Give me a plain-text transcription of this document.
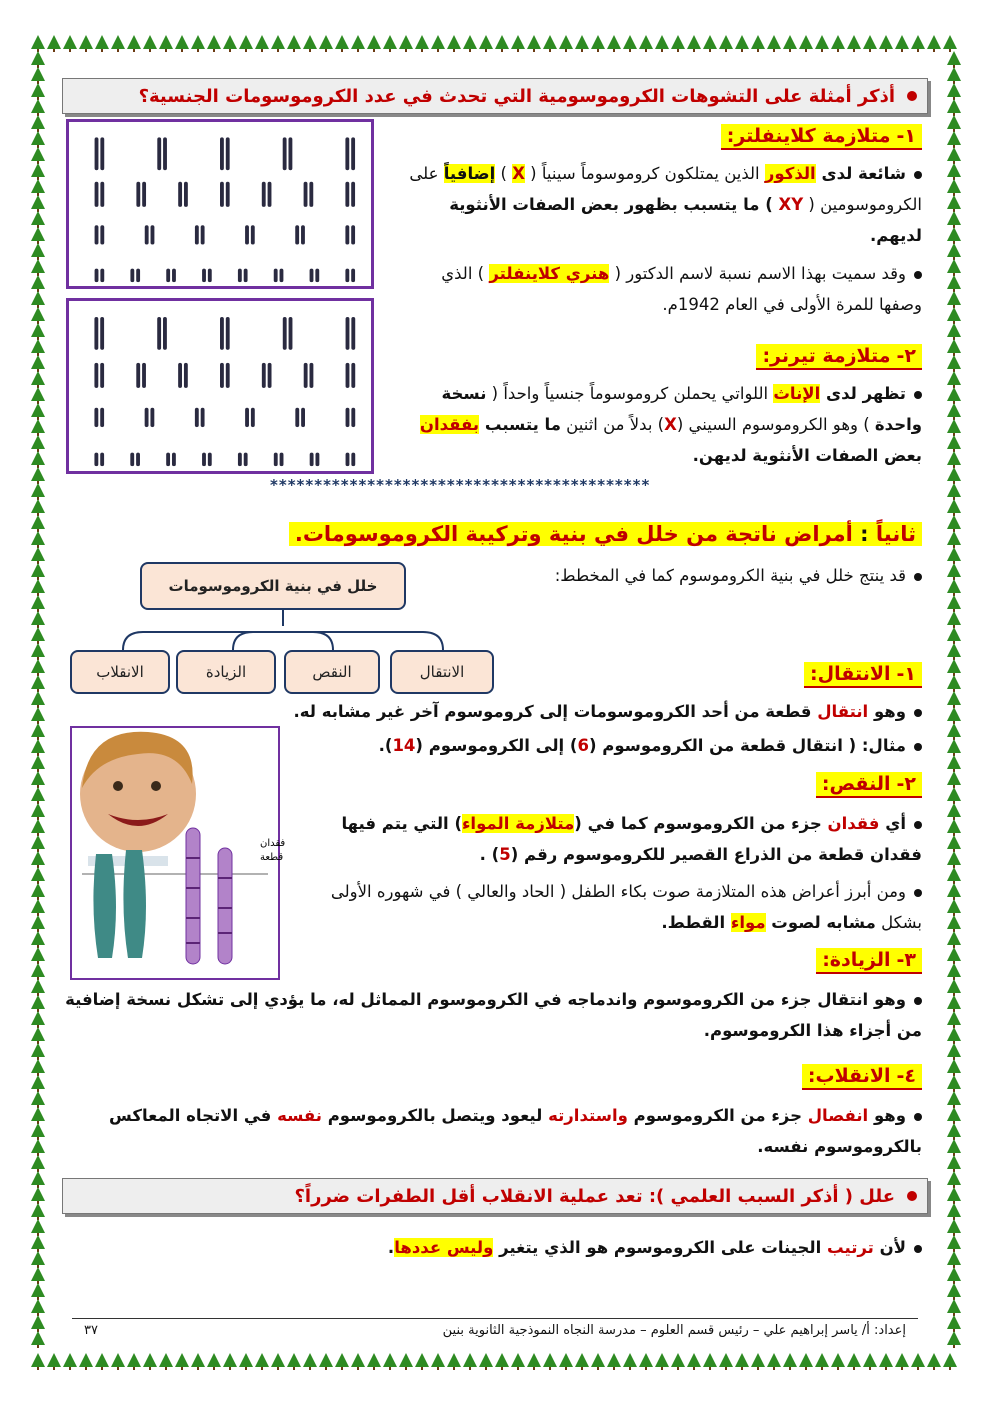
أذكر أمثلة على التشوهات الكروموسومية التي تحدث في عدد الكروموسومات الجنسية؟
١-متلازمة كلاينفلتر:
شائعة لدى الذكور الذين يمتلكون كروموسوماً سينياً ( X ) إضافياً على الكروموسومين ( XY ) ما يتسبب بظهور بعض الصفات الأنثوية لديهم.
وقد سميت بهذا الاسم نسبة لاسم الدكتور ( هنري كلاينفلتر ) الذي وصفها للمرة الأولى في العام 1942م.
٢-متلازمة تيرنر:
تظهر لدى الإناث اللواتي يحملن كروموسوماً جنسياً واحداً ( نسخة واحدة ) وهو الكروموسوم السيني (X) بدلاً من اثنين ما يتسبب بفقدان بعض الصفات الأنثوية لديهن.
*******************************************
ثانياً : أمراض ناتجة من خلل في بنية وتركيبة الكروموسومات.
قد ينتج خلل في بنية الكروموسوم كما في المخطط:
خلل في بنية الكروموسومات
الانتقال
النقص
الزيادة
الانقلاب	١-الانتقال:
وهو انتقال قطعة من أحد الكروموسومات إلى كروموسوم آخر غير مشابه له.
مثال: ( انتقال قطعة من الكروموسوم (6) إلى الكروموسوم (14).
فقدان
قطعة
٢-النقص:
أي فقدان جزء من الكروموسوم كما في (متلازمة المواء) التي يتم فيها فقدان قطعة من الذراع القصير للكروموسوم رقم (5) .
ومن أبرز أعراض هذه المتلازمة صوت بكاء الطفل ( الحاد والعالي ) في شهوره الأولى بشكل مشابه لصوت مواء القطط.
٣-الزيادة:
وهو انتقال جزء من الكروموسوم واندماجه في الكروموسوم المماثل له، ما يؤدي إلى تشكل نسخة إضافية من أجزاء هذا الكروموسوم.
٤-الانقلاب:
وهو انفصال جزء من الكروموسوم واستدارته ليعود ويتصل بالكروموسوم نفسه في الاتجاه المعاكس بالكروموسوم نفسه.
علل ( أذكر السبب العلمي ): تعد عملية الانقلاب أقل الطفرات ضرراً؟
لأن ترتيب الجينات على الكروموسوم هو الذي يتغير وليس عددها.
إعداد: أ/ ياسر إبراهيم علي – رئيس قسم العلوم – مدرسة النجاه النموذجية الثانوية بنين
٣٧
